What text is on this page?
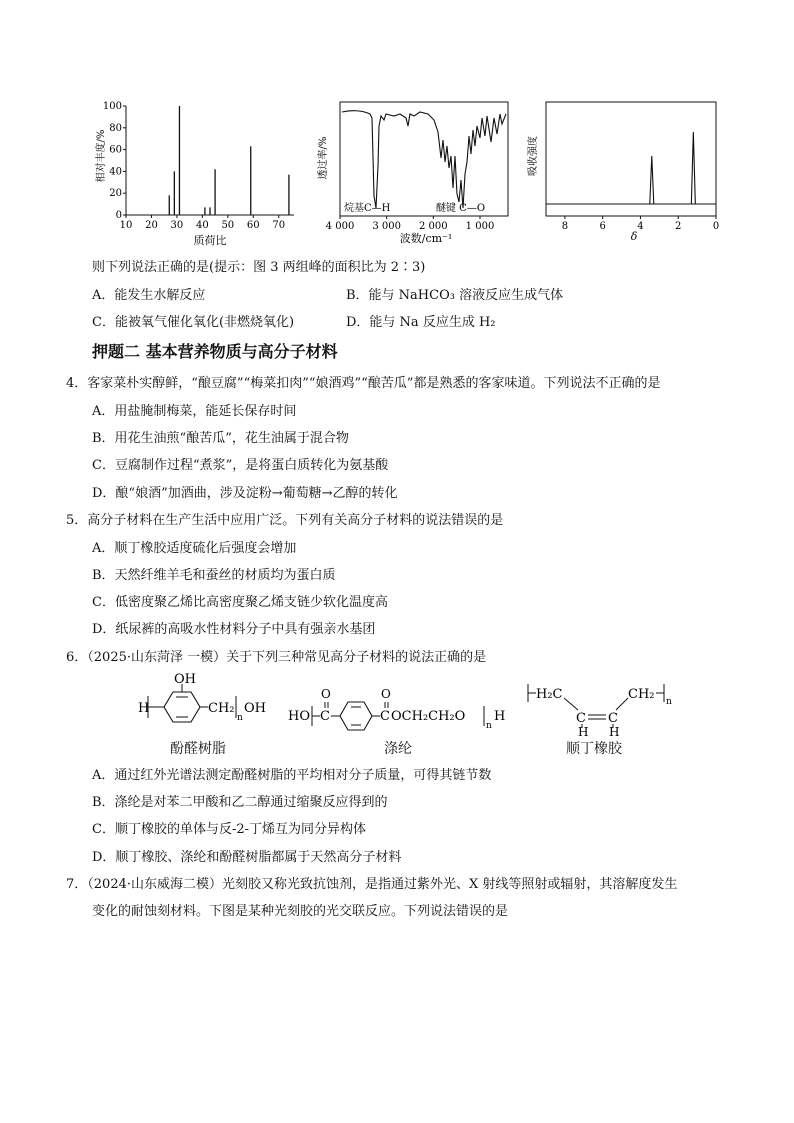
0
20
40
60
80
100
10 20 30 40 50 60 70
相对丰度/%
质荷比
4 000 3 000 2 000 1 000
烷基C—H	醚键 C—O
透过率/%
波数/cm⁻¹
8	6	4	2	0
吸收强度
δ
则下列说法正确的是(提示：图 3 两组峰的面积比为 2∶3)
A．能发生水解反应	B．能与 NaHCO₃ 溶液反应生成气体
C．能被氧气催化氧化(非燃烧氧化)	D．能与 Na 反应生成 H₂
押题二 基本营养物质与高分子材料
4．客家菜朴实醇鲜，“酿豆腐”“梅菜扣肉”“娘酒鸡”“酿苦瓜”都是熟悉的客家味道。下列说法不正确的是
A．用盐腌制梅菜，能延长保存时间
B．用花生油煎“酿苦瓜”，花生油属于混合物
C．豆腐制作过程“煮浆”，是将蛋白质转化为氨基酸
D．酿“娘酒”加酒曲，涉及淀粉→葡萄糖→乙醇的转化
5．高分子材料在生产生活中应用广泛。下列有关高分子材料的说法错误的是
A．顺丁橡胶适度硫化后强度会增加
B．天然纤维羊毛和蚕丝的材质均为蛋白质
C．低密度聚乙烯比高密度聚乙烯支链少软化温度高
D．纸尿裤的高吸水性材料分子中具有强亲水基团
6．（2025·山东菏泽 一模）关于下列三种常见高分子材料的说法正确的是
H
OH
CH₂
n
OH
HO C
O
C
O
OCH₂CH₂O
n
H
H₂C
C C
CH₂ n
H H
酚醛树脂	涤纶	顺丁橡胶
A．通过红外光谱法测定酚醛树脂的平均相对分子质量，可得其链节数
B．涤纶是对苯二甲酸和乙二醇通过缩聚反应得到的
C．顺丁橡胶的单体与反-2-丁烯互为同分异构体
D．顺丁橡胶、涤纶和酚醛树脂都属于天然高分子材料
7．（2024·山东威海二模）光刻胶又称光致抗蚀剂，是指通过紫外光、X 射线等照射或辐射，其溶解度发生
变化的耐蚀刻材料。下图是某种光刻胶的光交联反应。下列说法错误的是
